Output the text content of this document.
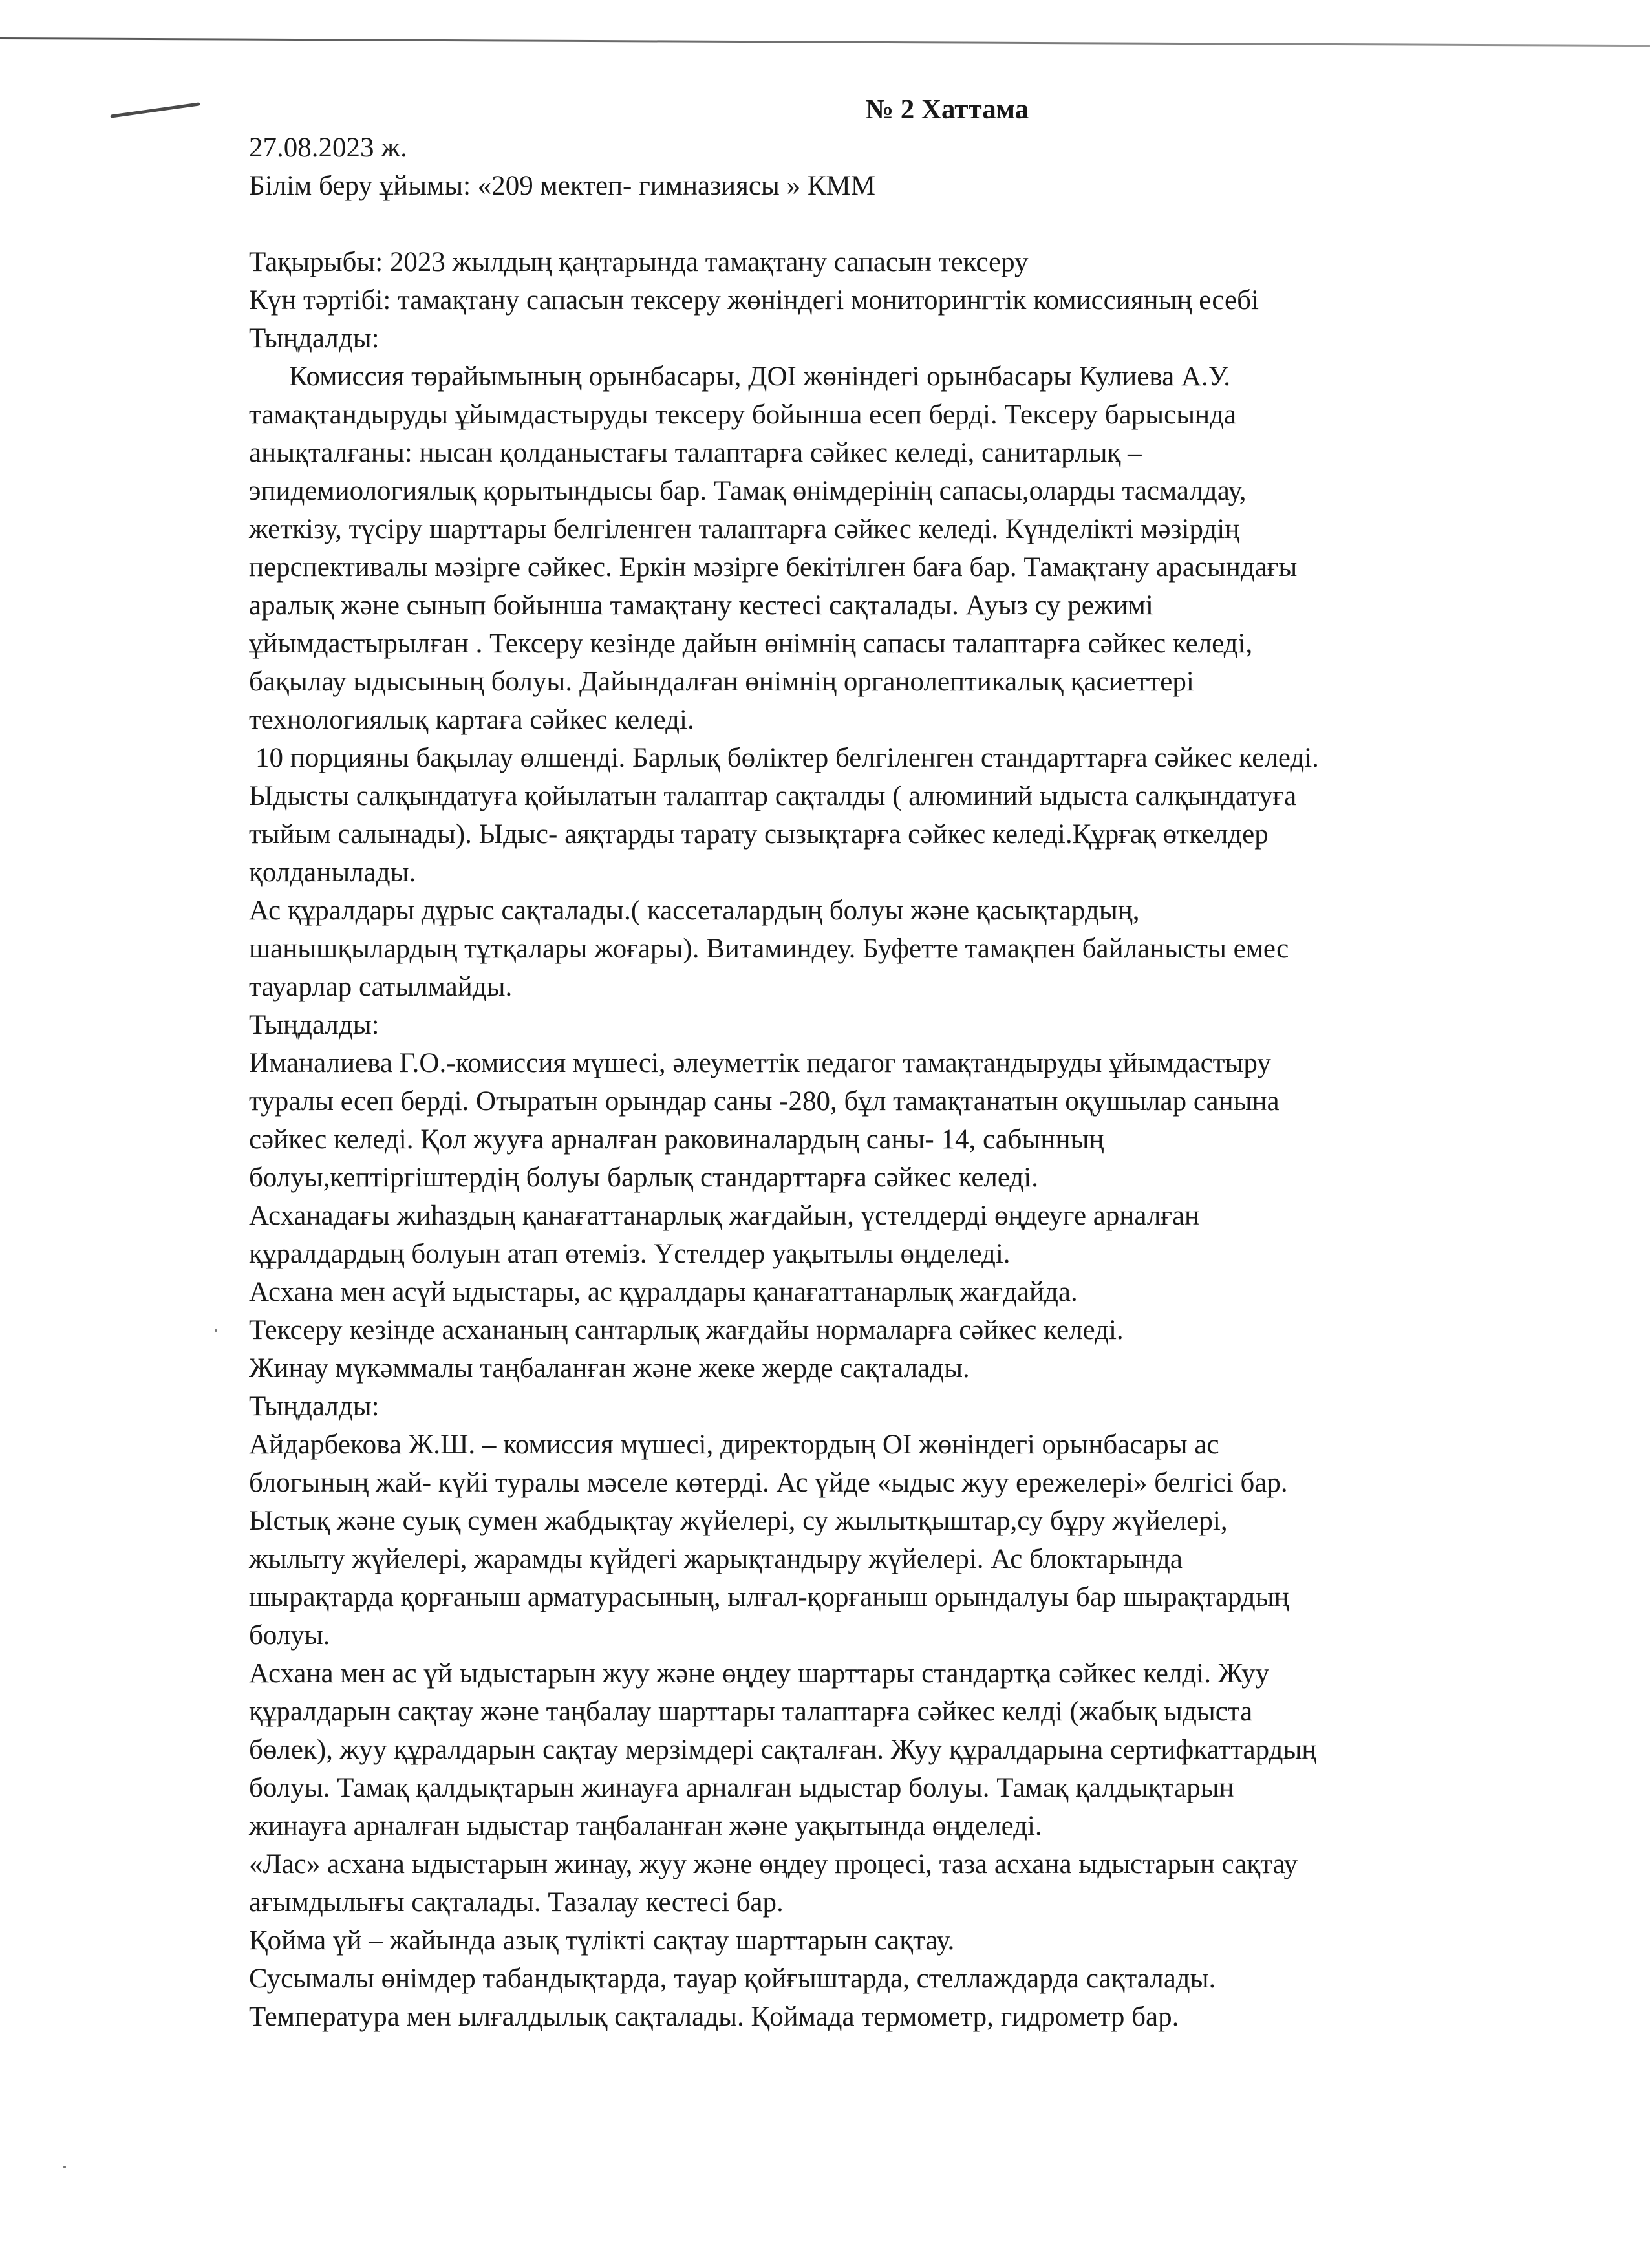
№ 2 Хаттама
27.08.2023 ж.
Білім беру ұйымы: «209 мектеп- гимназиясы » КММ
Тақырыбы: 2023 жылдың қаңтарында тамақтану сапасын тексеру
Күн тәртібі: тамақтану сапасын тексеру жөніндегі мониторингтік комиссияның есебі
Тыңдалды:
Комиссия төрайымының орынбасары, ДОІ жөніндегі орынбасары Кулиева А.У.
тамақтандыруды ұйымдастыруды тексеру бойынша есеп берді. Тексеру барысында
анықталғаны: нысан қолданыстағы талаптарға сәйкес келеді, санитарлық –
эпидемиологиялық қорытындысы бар. Тамақ өнімдерінің сапасы,оларды тасмалдау,
жеткізу, түсіру шарттары белгіленген талаптарға сәйкес келеді. Күнделікті мәзірдің
перспективалы мәзірге сәйкес. Еркін мәзірге бекітілген баға бар. Тамақтану арасындағы
аралық және сынып бойынша тамақтану кестесі сақталады. Ауыз су режимі
ұйымдастырылған . Тексеру кезінде дайын өнімнің сапасы талаптарға сәйкес келеді,
бақылау ыдысының болуы. Дайындалған өнімнің органолептикалық қасиеттері
технологиялық картаға сәйкес келеді.
10 порцияны бақылау өлшенді. Барлық бөліктер белгіленген стандарттарға сәйкес келеді.
Ыдысты салқындатуға қойылатын талаптар сақталды ( алюминий ыдыста салқындатуға
тыйым салынады). Ыдыс- аяқтарды тарату сызықтарға сәйкес келеді.Құрғақ өткелдер
қолданылады.
Ас құралдары дұрыс сақталады.( кассеталардың болуы және қасықтардың,
шанышқылардың тұтқалары жоғары). Витаминдеу. Буфетте тамақпен байланысты емес
тауарлар сатылмайды.
Тыңдалды:
Иманалиева Г.О.-комиссия мүшесі, әлеуметтік педагог тамақтандыруды ұйымдастыру
туралы есеп берді. Отыратын орындар саны -280, бұл тамақтанатын оқушылар санына
сәйкес келеді. Қол жууға арналған раковиналардың саны- 14, сабынның
болуы,кептіргіштердің болуы барлық стандарттарға сәйкес келеді.
Асханадағы жиһаздың қанағаттанарлық жағдайын, үстелдерді өңдеуге арналған
құралдардың болуын атап өтеміз. Үстелдер уақытылы өңделеді.
Асхана мен асүй ыдыстары, ас құралдары қанағаттанарлық жағдайда.
Тексеру кезінде асхананың сантарлық жағдайы нормаларға сәйкес келеді.
Жинау мүкәммалы таңбаланған және жеке жерде сақталады.
Тыңдалды:
Айдарбекова Ж.Ш. – комиссия мүшесі, директордың ОІ жөніндегі орынбасары ас
блогының жай- күйі туралы мәселе көтерді. Ас үйде «ыдыс жуу ережелері» белгісі бар.
Ыстық және суық сумен жабдықтау жүйелері, су жылытқыштар,су бұру жүйелері,
жылыту жүйелері, жарамды күйдегі жарықтандыру жүйелері. Ас блоктарында
шырақтарда қорғаныш арматурасының, ылғал-қорғаныш орындалуы бар шырақтардың
болуы.
Асхана мен ас үй ыдыстарын жуу және өңдеу шарттары стандартқа сәйкес келді. Жуу
құралдарын сақтау және таңбалау шарттары талаптарға сәйкес келді (жабық ыдыста
бөлек), жуу құралдарын сақтау мерзімдері сақталған. Жуу құралдарына сертифкаттардың
болуы. Тамақ қалдықтарын жинауға арналған ыдыстар болуы. Тамақ қалдықтарын
жинауға арналған ыдыстар таңбаланған және уақытында өңделеді.
«Лас» асхана ыдыстарын жинау, жуу және өңдеу процесі, таза асхана ыдыстарын сақтау
ағымдылығы сақталады. Тазалау кестесі бар.
Қойма үй – жайында азық түлікті сақтау шарттарын сақтау.
Сусымалы өнімдер табандықтарда, тауар қойғыштарда, стеллаждарда сақталады.
Температура мен ылғалдылық сақталады. Қоймада термометр, гидрометр бар.
